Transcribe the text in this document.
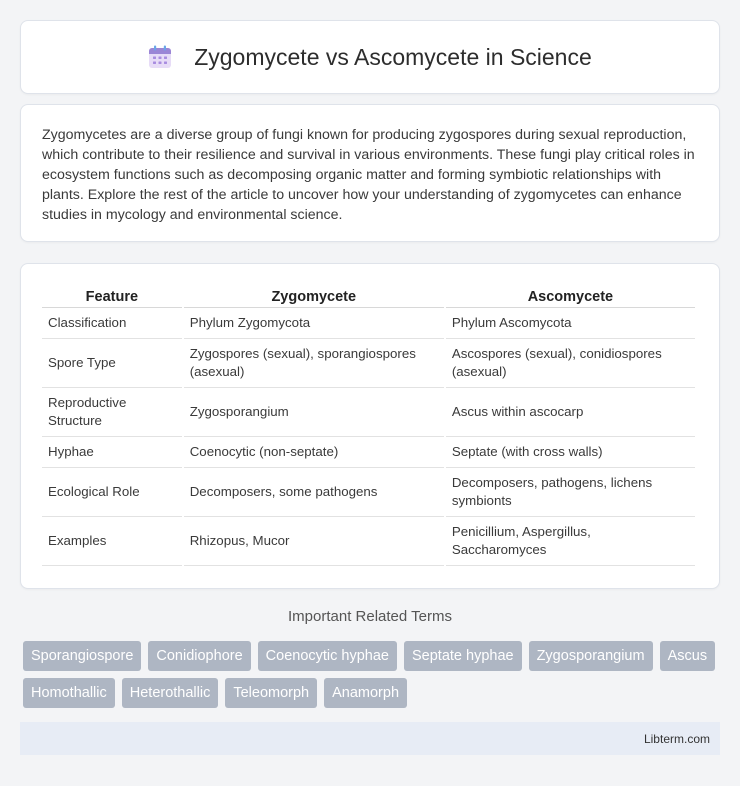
Zygomycete vs Ascomycete in Science

Zygomycetes are a diverse group of fungi known for producing zygospores during sexual reproduction, which contribute to their resilience and survival in various environments. These fungi play critical roles in ecosystem functions such as decomposing organic matter and forming symbiotic relationships with plants. Explore the rest of the article to uncover how your understanding of zygomycetes can enhance studies in mycology and environmental science.

Feature	Zygomycete	Ascomycete
Classification	Phylum Zygomycota	Phylum Ascomycota
Spore Type	Zygospores (sexual), sporangiospores (asexual)	Ascospores (sexual), conidiospores (asexual)
Reproductive Structure	Zygosporangium	Ascus within ascocarp
Hyphae	Coenocytic (non-septate)	Septate (with cross walls)
Ecological Role	Decomposers, some pathogens	Decomposers, pathogens, lichens symbionts
Examples	Rhizopus, Mucor	Penicillium, Aspergillus, Saccharomyces
Important Related Terms
Sporangiospore	Conidiophore	Coenocytic hyphae	Septate hyphae	Zygosporangium	Ascus
Homothallic	Heterothallic	Teleomorph	Anamorph
Libterm.com
